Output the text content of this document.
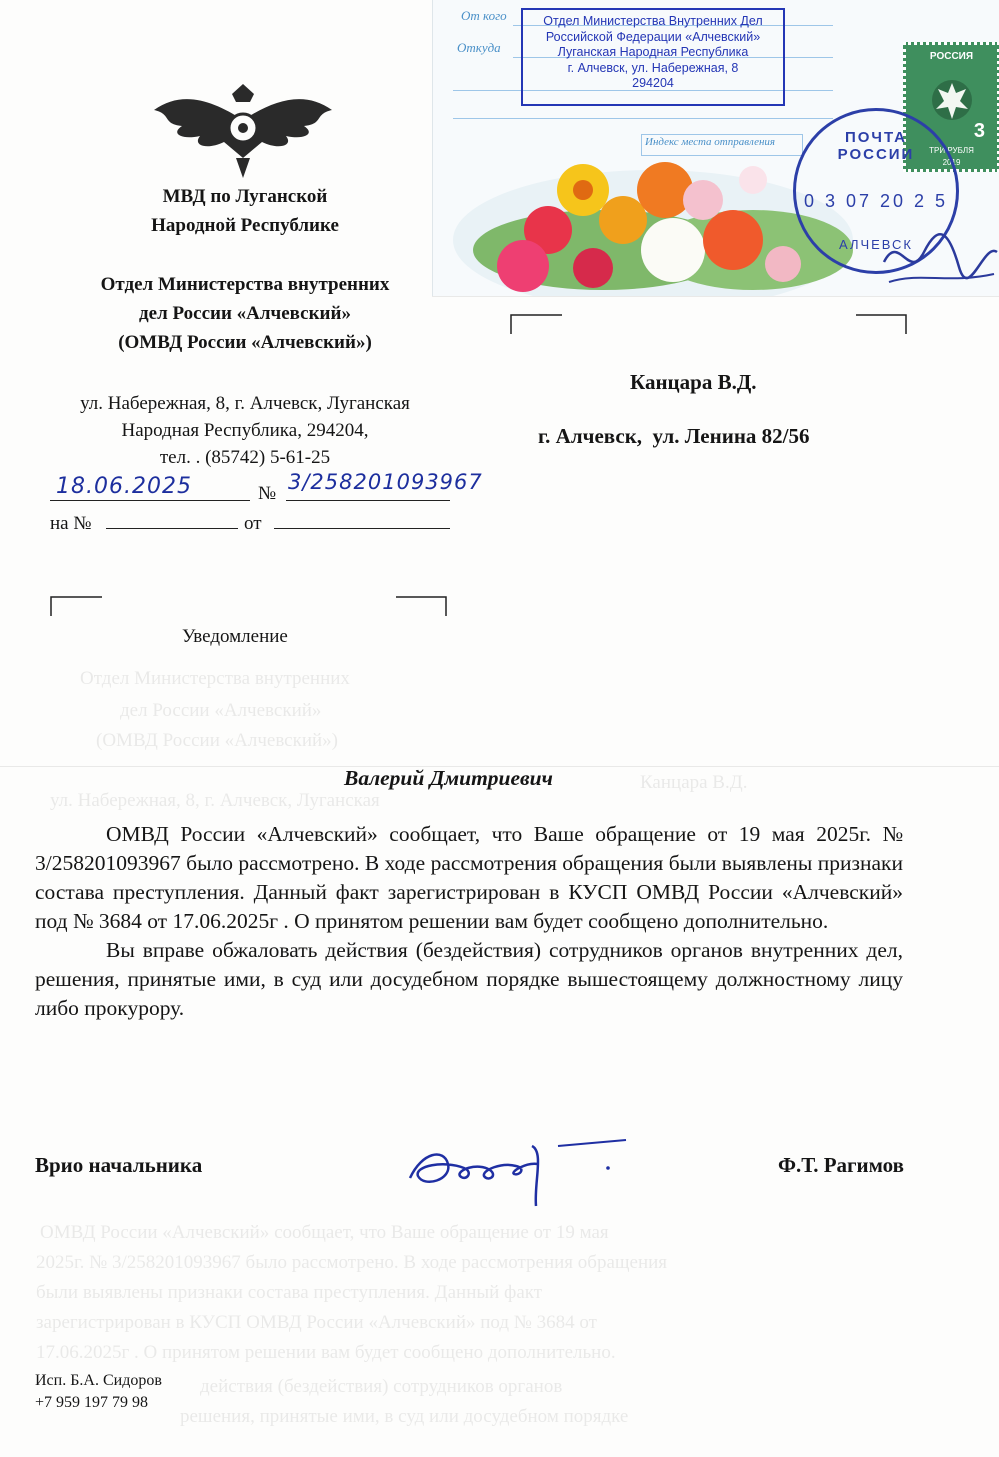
Отдел Министерства внутренних
дел России «Алчевский»
(ОМВД России «Алчевский»)
ул. Набережная, 8, г. Алчевск, Луганская
Канцара В.Д.
ОМВД России «Алчевский» сообщает, что Ваше обращение от 19 мая
2025г. № 3/258201093967 было рассмотрено. В ходе рассмотрения обращения
были выявлены признаки состава преступления. Данный факт
зарегистрирован в КУСП ОМВД России «Алчевский» под № 3684 от
17.06.2025г . О принятом решении вам будет сообщено дополнительно.
действия (бездействия) сотрудников органов
решения, принятые ими, в суд или досудебном порядке
От кого
Откуда
Индекс места отправления
Отдел Министерства Внутренних Дел
Российской Федерации «Алчевский»
Луганская Народная Республика
г. Алчевск, ул. Набережная, 8
294204
РОССИЯ
3
ТРИ РУБЛЯ
2019
ПОЧТА РОССИИ
0 3 07 20 2 5
АЛЧЕВСК
МВД по Луганской
Народной Республике
Отдел Министерства внутренних
дел России «Алчевский»
(ОМВД России «Алчевский»)
ул. Набережная, 8, г. Алчевск, Луганская
Народная Республика, 294204,
тел. . (85742) 5-61-25
18.06.2025	№ 3/258201093967
на №	от
Канцара В.Д.
г. Алчевск,  ул. Ленина 82/56
Уведомление
Валерий Дмитриевич

ОМВД России «Алчевский» сообщает, что Ваше обращение от 19 мая 2025г. № 3/258201093967 было рассмотрено. В ходе рассмотрения обращения были выявлены признаки состава преступления. Данный факт зарегистрирован в КУСП ОМВД России «Алчевский» под № 3684 от 17.06.2025г . О принятом решении вам будет сообщено дополнительно.

Вы вправе обжаловать действия (бездействия) сотрудников органов внутренних дел, решения, принятые ими, в суд или досудебном порядке вышестоящему должностному лицу либо прокурору.

Врио начальника	Ф.Т. Рагимов
Исп. Б.А. Сидоров
+7 959 197 79 98
